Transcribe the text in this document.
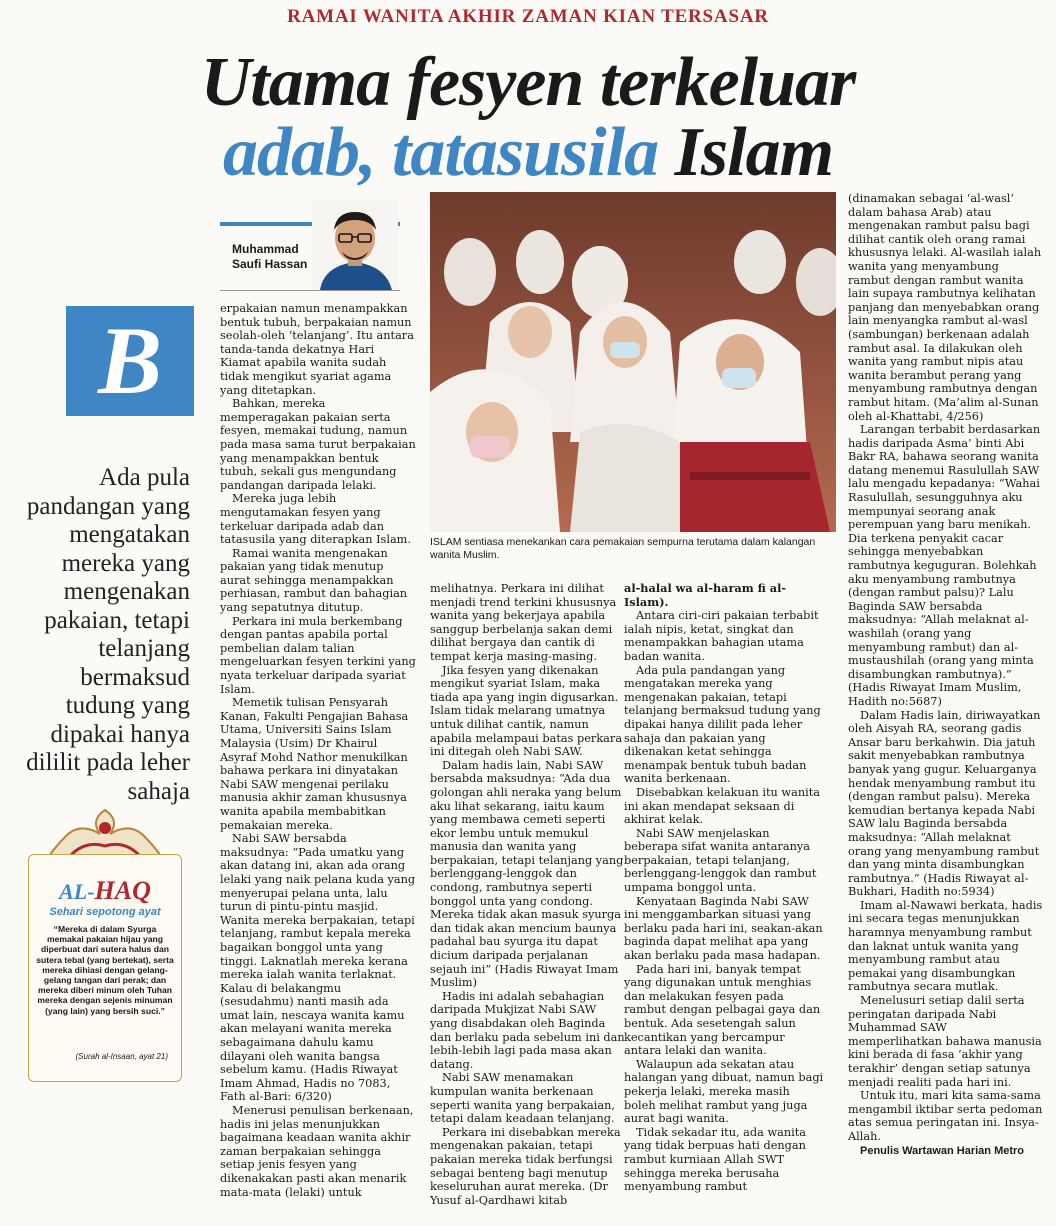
RAMAI WANITA AKHIR ZAMAN KIAN TERSASAR
Utama fesyen terkeluar
adab, tatasusila Islam
Muhammad
Saufi Hassan
ISLAM sentiasa menekankan cara pemakaian sempurna terutama dalam kalangan wanita Muslim.
B
Ada pula pandangan yang mengatakan mereka yang mengenakan pakaian, tetapi telanjang bermaksud tudung yang dipakai hanya dililit pada leher sahaja
AL-HAQ
Sehari sepotong ayat
“Mereka di dalam Syurga memakai pakaian hijau yang diperbuat dari sutera halus dan sutera tebal (yang bertekat), serta mereka dihiasi dengan gelang-gelang tangan dari perak; dan mereka diberi minum oleh Tuhan mereka dengan sejenis minuman (yang lain) yang bersih suci.”
(Surah al-Insaan, ayat 21)

erpakaian namun menampakkan bentuk tubuh, berpakaian namun seolah-oleh ‘telanjang’. Itu antara tanda-tanda dekatnya Hari Kiamat apabila wanita sudah tidak mengikut syariat agama yang ditetapkan.

Bahkan, mereka memperagakan pakaian serta fesyen, memakai tudung, namun pada masa sama turut berpakaian yang menampakkan bentuk tubuh, sekali gus mengundang pandangan daripada lelaki.

Mereka juga lebih mengutamakan fesyen yang terkeluar daripada adab dan tatasusila yang diterapkan Islam.

Ramai wanita mengenakan pakaian yang tidak menutup aurat sehingga menampakkan perhiasan, rambut dan bahagian yang sepatutnya ditutup.

Perkara ini mula berkembang dengan pantas apabila portal pembelian dalam talian mengeluarkan fesyen terkini yang nyata terkeluar daripada syariat Islam.

Memetik tulisan Pensyarah Kanan, Fakulti Pengajian Bahasa Utama, Universiti Sains Islam Malaysia (Usim) Dr Khairul Asyraf Mohd Nathor menukilkan bahawa perkara ini dinyatakan Nabi SAW mengenai perilaku manusia akhir zaman khususnya wanita apabila membabitkan pemakaian mereka.

Nabi SAW bersabda maksudnya: “Pada umatku yang akan datang ini, akan ada orang lelaki yang naik pelana kuda yang menyerupai pelana unta, lalu turun di pintu-pintu masjid. Wanita mereka berpakaian, tetapi telanjang, rambut kepala mereka bagaikan bonggol unta yang tinggi. Laknatlah mereka kerana mereka ialah wanita terlaknat. Kalau di belakangmu (sesudahmu) nanti masih ada umat lain, nescaya wanita kamu akan melayani wanita mereka sebagaimana dahulu kamu dilayani oleh wanita bangsa sebelum kamu. (Hadis Riwayat Imam Ahmad, Hadis no 7083, Fath al-Bari: 6/320)

Menerusi penulisan berkenaan, hadis ini jelas menunjukkan bagaimana keadaan wanita akhir zaman berpakaian sehingga setiap jenis fesyen yang dikenakakan pasti akan menarik mata-mata (lelaki) untuk

melihatnya. Perkara ini dilihat menjadi trend terkini khususnya wanita yang bekerjaya apabila sanggup berbelanja sakan demi dilihat bergaya dan cantik di tempat kerja masing-masing.

Jika fesyen yang dikenakan mengikut syariat Islam, maka tiada apa yang ingin digusarkan. Islam tidak melarang umatnya untuk dilihat cantik, namun apabila melampaui batas perkara ini ditegah oleh Nabi SAW.

Dalam hadis lain, Nabi SAW bersabda maksudnya: “Ada dua golongan ahli neraka yang belum aku lihat sekarang, iaitu kaum yang membawa cemeti seperti ekor lembu untuk memukul manusia dan wanita yang berpakaian, tetapi telanjang yang berlenggang-lenggok dan condong, rambutnya seperti bonggol unta yang condong. Mereka tidak akan masuk syurga dan tidak akan mencium baunya padahal bau syurga itu dapat dicium daripada perjalanan sejauh ini” (Hadis Riwayat Imam Muslim)

Hadis ini adalah sebahagian daripada Mukjizat Nabi SAW yang disabdakan oleh Baginda dan berlaku pada sebelum ini dan lebih-lebih lagi pada masa akan datang.

Nabi SAW menamakan kumpulan wanita berkenaan seperti wanita yang berpakaian, tetapi dalam keadaan telanjang.

Perkara ini disebabkan mereka mengenakan pakaian, tetapi pakaian mereka tidak berfungsi sebagai benteng bagi menutup keseluruhan aurat mereka. (Dr Yusuf al-Qardhawi kitab

al-halal wa al-haram fi al-Islam).

Antara ciri-ciri pakaian terbabit ialah nipis, ketat, singkat dan menampakkan bahagian utama badan wanita.

Ada pula pandangan yang mengatakan mereka yang mengenakan pakaian, tetapi telanjang bermaksud tudung yang dipakai hanya dililit pada leher sahaja dan pakaian yang dikenakan ketat sehingga menampak bentuk tubuh badan wanita berkenaan.

Disebabkan kelakuan itu wanita ini akan mendapat seksaan di akhirat kelak.

Nabi SAW menjelaskan beberapa sifat wanita antaranya berpakaian, tetapi telanjang, berlenggang-lenggok dan rambut umpama bonggol unta.

Kenyataan Baginda Nabi SAW ini menggambarkan situasi yang berlaku pada hari ini, seakan-akan baginda dapat melihat apa yang akan berlaku pada masa hadapan.

Pada hari ini, banyak tempat yang digunakan untuk menghias dan melakukan fesyen pada rambut dengan pelbagai gaya dan bentuk. Ada sesetengah salun kecantikan yang bercampur antara lelaki dan wanita.

Walaupun ada sekatan atau halangan yang dibuat, namun bagi pekerja lelaki, mereka masih boleh melihat rambut yang juga aurat bagi wanita.

Tidak sekadar itu, ada wanita yang tidak berpuas hati dengan rambut kurniaan Allah SWT sehingga mereka berusaha menyambung rambut

(dinamakan sebagai ‘al-wasl’ dalam bahasa Arab) atau mengenakan rambut palsu bagi dilihat cantik oleh orang ramai khususnya lelaki. Al-wasilah ialah wanita yang menyambung rambut dengan rambut wanita lain supaya rambutnya kelihatan panjang dan menyebabkan orang lain menyangka rambut al-wasl (sambungan) berkenaan adalah rambut asal. Ia dilakukan oleh wanita yang rambut nipis atau wanita berambut perang yang menyambung rambutnya dengan rambut hitam. (Ma’alim al-Sunan oleh al-Khattabi, 4/256)

Larangan terbabit berdasarkan hadis daripada Asma’ binti Abi Bakr RA, bahawa seorang wanita datang menemui Rasulullah SAW lalu mengadu kepadanya: “Wahai Rasulullah, sesungguhnya aku mempunyai seorang anak perempuan yang baru menikah. Dia terkena penyakit cacar sehingga menyebabkan rambutnya keguguran. Bolehkah aku menyambung rambutnya (dengan rambut palsu)? Lalu Baginda SAW bersabda maksudnya: “Allah melaknat al-washilah (orang yang menyambung rambut) dan al-mustaushilah (orang yang minta disambungkan rambutnya).” (Hadis Riwayat Imam Muslim, Hadith no:5687)

Dalam Hadis lain, diriwayatkan oleh Aisyah RA, seorang gadis Ansar baru berkahwin. Dia jatuh sakit menyebabkan rambutnya banyak yang gugur. Keluarganya hendak menyambung rambut itu (dengan rambut palsu). Mereka kemudian bertanya kepada Nabi SAW lalu Baginda bersabda maksudnya: “Allah melaknat orang yang menyambung rambut dan yang minta disambungkan rambutnya.” (Hadis Riwayat al-Bukhari, Hadith no:5934)

Imam al-Nawawi berkata, hadis ini secara tegas menunjukkan haramnya menyambung rambut dan laknat untuk wanita yang menyambung rambut atau pemakai yang disambungkan rambutnya secara mutlak.

Menelusuri setiap dalil serta peringatan daripada Nabi Muhammad SAW memperlihatkan bahawa manusia kini berada di fasa ‘akhir yang terakhir’ dengan setiap satunya menjadi realiti pada hari ini.

Untuk itu, mari kita sama-sama mengambil iktibar serta pedoman atas semua peringatan ini. Insya-Allah.

Penulis Wartawan Harian Metro
